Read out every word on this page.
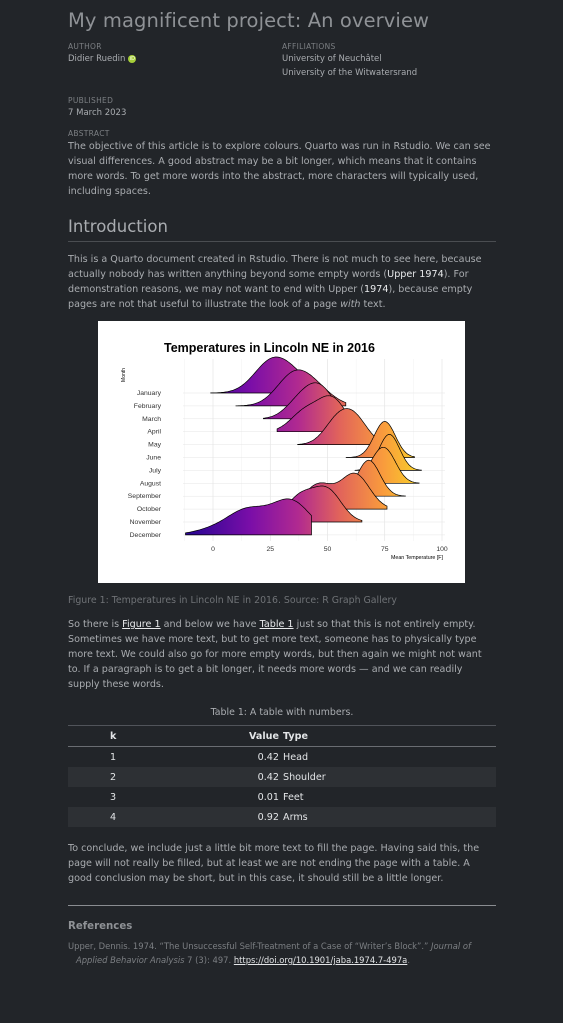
My magnificent project: An overview
AUTHOR
Didier Ruedin iD
AFFILIATIONS
University of Neuchâtel
University of the Witwatersrand
PUBLISHED
7 March 2023
ABSTRACT

The objective of this article is to explore colours. Quarto was run in Rstudio. We can see visual differences. A good abstract may be a bit longer, which means that it contains more words. To get more words into the abstract, more characters will typically used, including spaces.

Introduction

This is a Quarto document created in Rstudio. There is not much to see here, because actually nobody has written anything beyond some empty words (Upper 1974). For demonstration reasons, we may not want to end with Upper (1974), because empty pages are not that useful to illustrate the look of a page with text.

Temperatures in Lincoln NE in 2016
Month
Mean Temperature [F]
January
February
March
April
May
June
July
August
September
October
November
December
0	25	50	75	100

Figure 1: Temperatures in Lincoln NE in 2016. Source: R Graph Gallery

So there is Figure 1 and below we have Table 1 just so that this is not entirely empty. Sometimes we have more text, but to get more text, someone has to physically type more text. We could also go for more empty words, but then again we might not want to. If a paragraph is to get a bit longer, it needs more words — and we can readily supply these words.

Table 1: A table with numbers.
k	Value	Type
1	0.42	Head
2	0.42	Shoulder
3	0.01	Feet
4	0.92	Arms

To conclude, we include just a little bit more text to fill the page. Having said this, the page will not really be filled, but at least we are not ending the page with a table. A good conclusion may be short, but in this case, it should still be a little longer.

References

Upper, Dennis. 1974. “The Unsuccessful Self-Treatment of a Case of “Writer’s Block”.” Journal of Applied Behavior Analysis 7 (3): 497. https://doi.org/10.1901/jaba.1974.7-497a.
